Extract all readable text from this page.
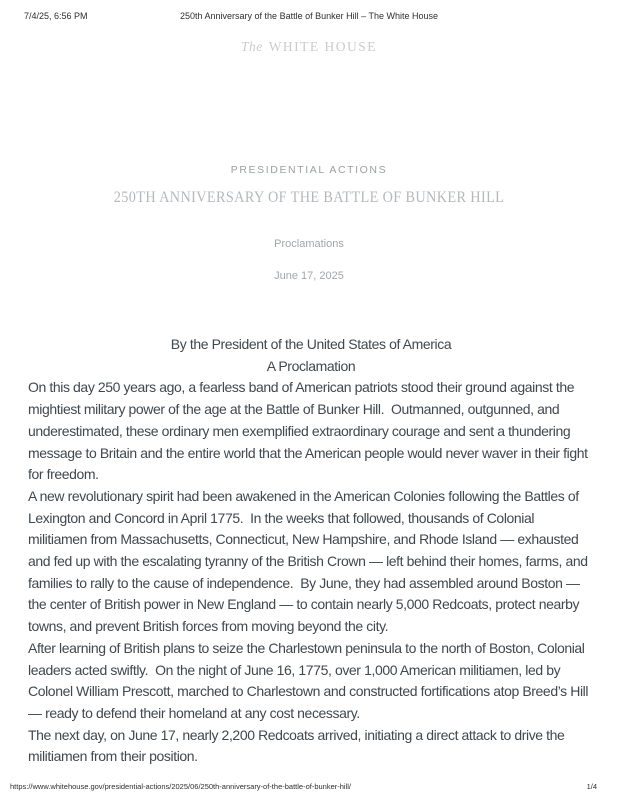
7/4/25, 6:56 PM	250th Anniversary of the Battle of Bunker Hill – The White House
The WHITE HOUSE
PRESIDENTIAL ACTIONS
250TH ANNIVERSARY OF THE BATTLE OF BUNKER HILL
Proclamations
June 17, 2025

By the President of the United States of America

A Proclamation

On this day 250 years ago, a fearless band of American patriots stood their ground against the mightiest military power of the age at the Battle of Bunker Hill.  Outmanned, outgunned, and underestimated, these ordinary men exemplified extraordinary courage and sent a thundering message to Britain and the entire world that the American people would never waver in their fight for freedom.

A new revolutionary spirit had been awakened in the American Colonies following the Battles of Lexington and Concord in April 1775.  In the weeks that followed, thousands of Colonial militiamen from Massachusetts, Connecticut, New Hampshire, and Rhode Island — exhausted and fed up with the escalating tyranny of the British Crown — left behind their homes, farms, and families to rally to the cause of independence.  By June, they had assembled around Boston — the center of British power in New England — to contain nearly 5,000 Redcoats, protect nearby towns, and prevent British forces from moving beyond the city.

After learning of British plans to seize the Charlestown peninsula to the north of Boston, Colonial leaders acted swiftly.  On the night of June 16, 1775, over 1,000 American militiamen, led by Colonel William Prescott, marched to Charlestown and constructed fortifications atop Breed’s Hill — ready to defend their homeland at any cost necessary.

The next day, on June 17, nearly 2,200 Redcoats arrived, initiating a direct attack to drive the militiamen from their position.

https://www.whitehouse.gov/presidential-actions/2025/06/250th-anniversary-of-the-battle-of-bunker-hill/	1/4
